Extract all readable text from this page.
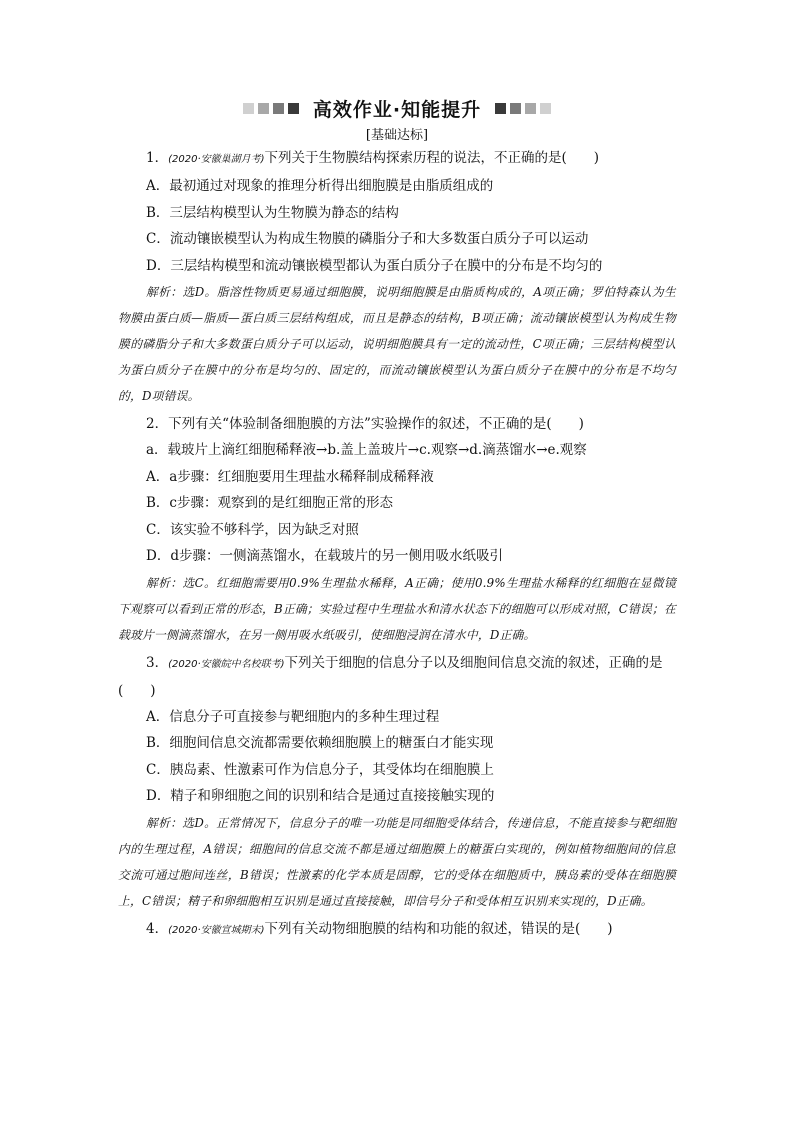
高效作业·知能提升
[基础达标]

1．(2020·安徽巢湖月考)下列关于生物膜结构探索历程的说法，不正确的是(　　)

A．最初通过对现象的推理分析得出细胞膜是由脂质组成的

B．三层结构模型认为生物膜为静态的结构

C．流动镶嵌模型认为构成生物膜的磷脂分子和大多数蛋白质分子可以运动

D．三层结构模型和流动镶嵌模型都认为蛋白质分子在膜中的分布是不均匀的

解析：选D。脂溶性物质更易通过细胞膜，说明细胞膜是由脂质构成的，A项正确；罗伯特森认为生物膜由蛋白质—脂质—蛋白质三层结构组成，而且是静态的结构，B项正确；流动镶嵌模型认为构成生物膜的磷脂分子和大多数蛋白质分子可以运动，说明细胞膜具有一定的流动性，C项正确；三层结构模型认为蛋白质分子在膜中的分布是均匀的、固定的，而流动镶嵌模型认为蛋白质分子在膜中的分布是不均匀的，D项错误。

2．下列有关“体验制备细胞膜的方法”实验操作的叙述，不正确的是(　　)

a．载玻片上滴红细胞稀释液→b.盖上盖玻片→c.观察→d.滴蒸馏水→e.观察

A．a步骤：红细胞要用生理盐水稀释制成稀释液

B．c步骤：观察到的是红细胞正常的形态

C．该实验不够科学，因为缺乏对照

D．d步骤：一侧滴蒸馏水，在载玻片的另一侧用吸水纸吸引

解析：选C。红细胞需要用0.9%生理盐水稀释，A正确；使用0.9%生理盐水稀释的红细胞在显微镜下观察可以看到正常的形态，B正确；实验过程中生理盐水和清水状态下的细胞可以形成对照，C错误；在载玻片一侧滴蒸馏水，在另一侧用吸水纸吸引，使细胞浸润在清水中，D正确。

3．(2020·安徽皖中名校联考)下列关于细胞的信息分子以及细胞间信息交流的叙述，正确的是(　　)

A．信息分子可直接参与靶细胞内的多种生理过程

B．细胞间信息交流都需要依赖细胞膜上的糖蛋白才能实现

C．胰岛素、性激素可作为信息分子，其受体均在细胞膜上

D．精子和卵细胞之间的识别和结合是通过直接接触实现的

解析：选D。正常情况下，信息分子的唯一功能是同细胞受体结合，传递信息，不能直接参与靶细胞内的生理过程，A错误；细胞间的信息交流不都是通过细胞膜上的糖蛋白实现的，例如植物细胞间的信息交流可通过胞间连丝，B错误；性激素的化学本质是固醇，它的受体在细胞质中，胰岛素的受体在细胞膜上，C错误；精子和卵细胞相互识别是通过直接接触，即信号分子和受体相互识别来实现的，D正确。

4．(2020·安徽宣城期末)下列有关动物细胞膜的结构和功能的叙述，错误的是(　　)
